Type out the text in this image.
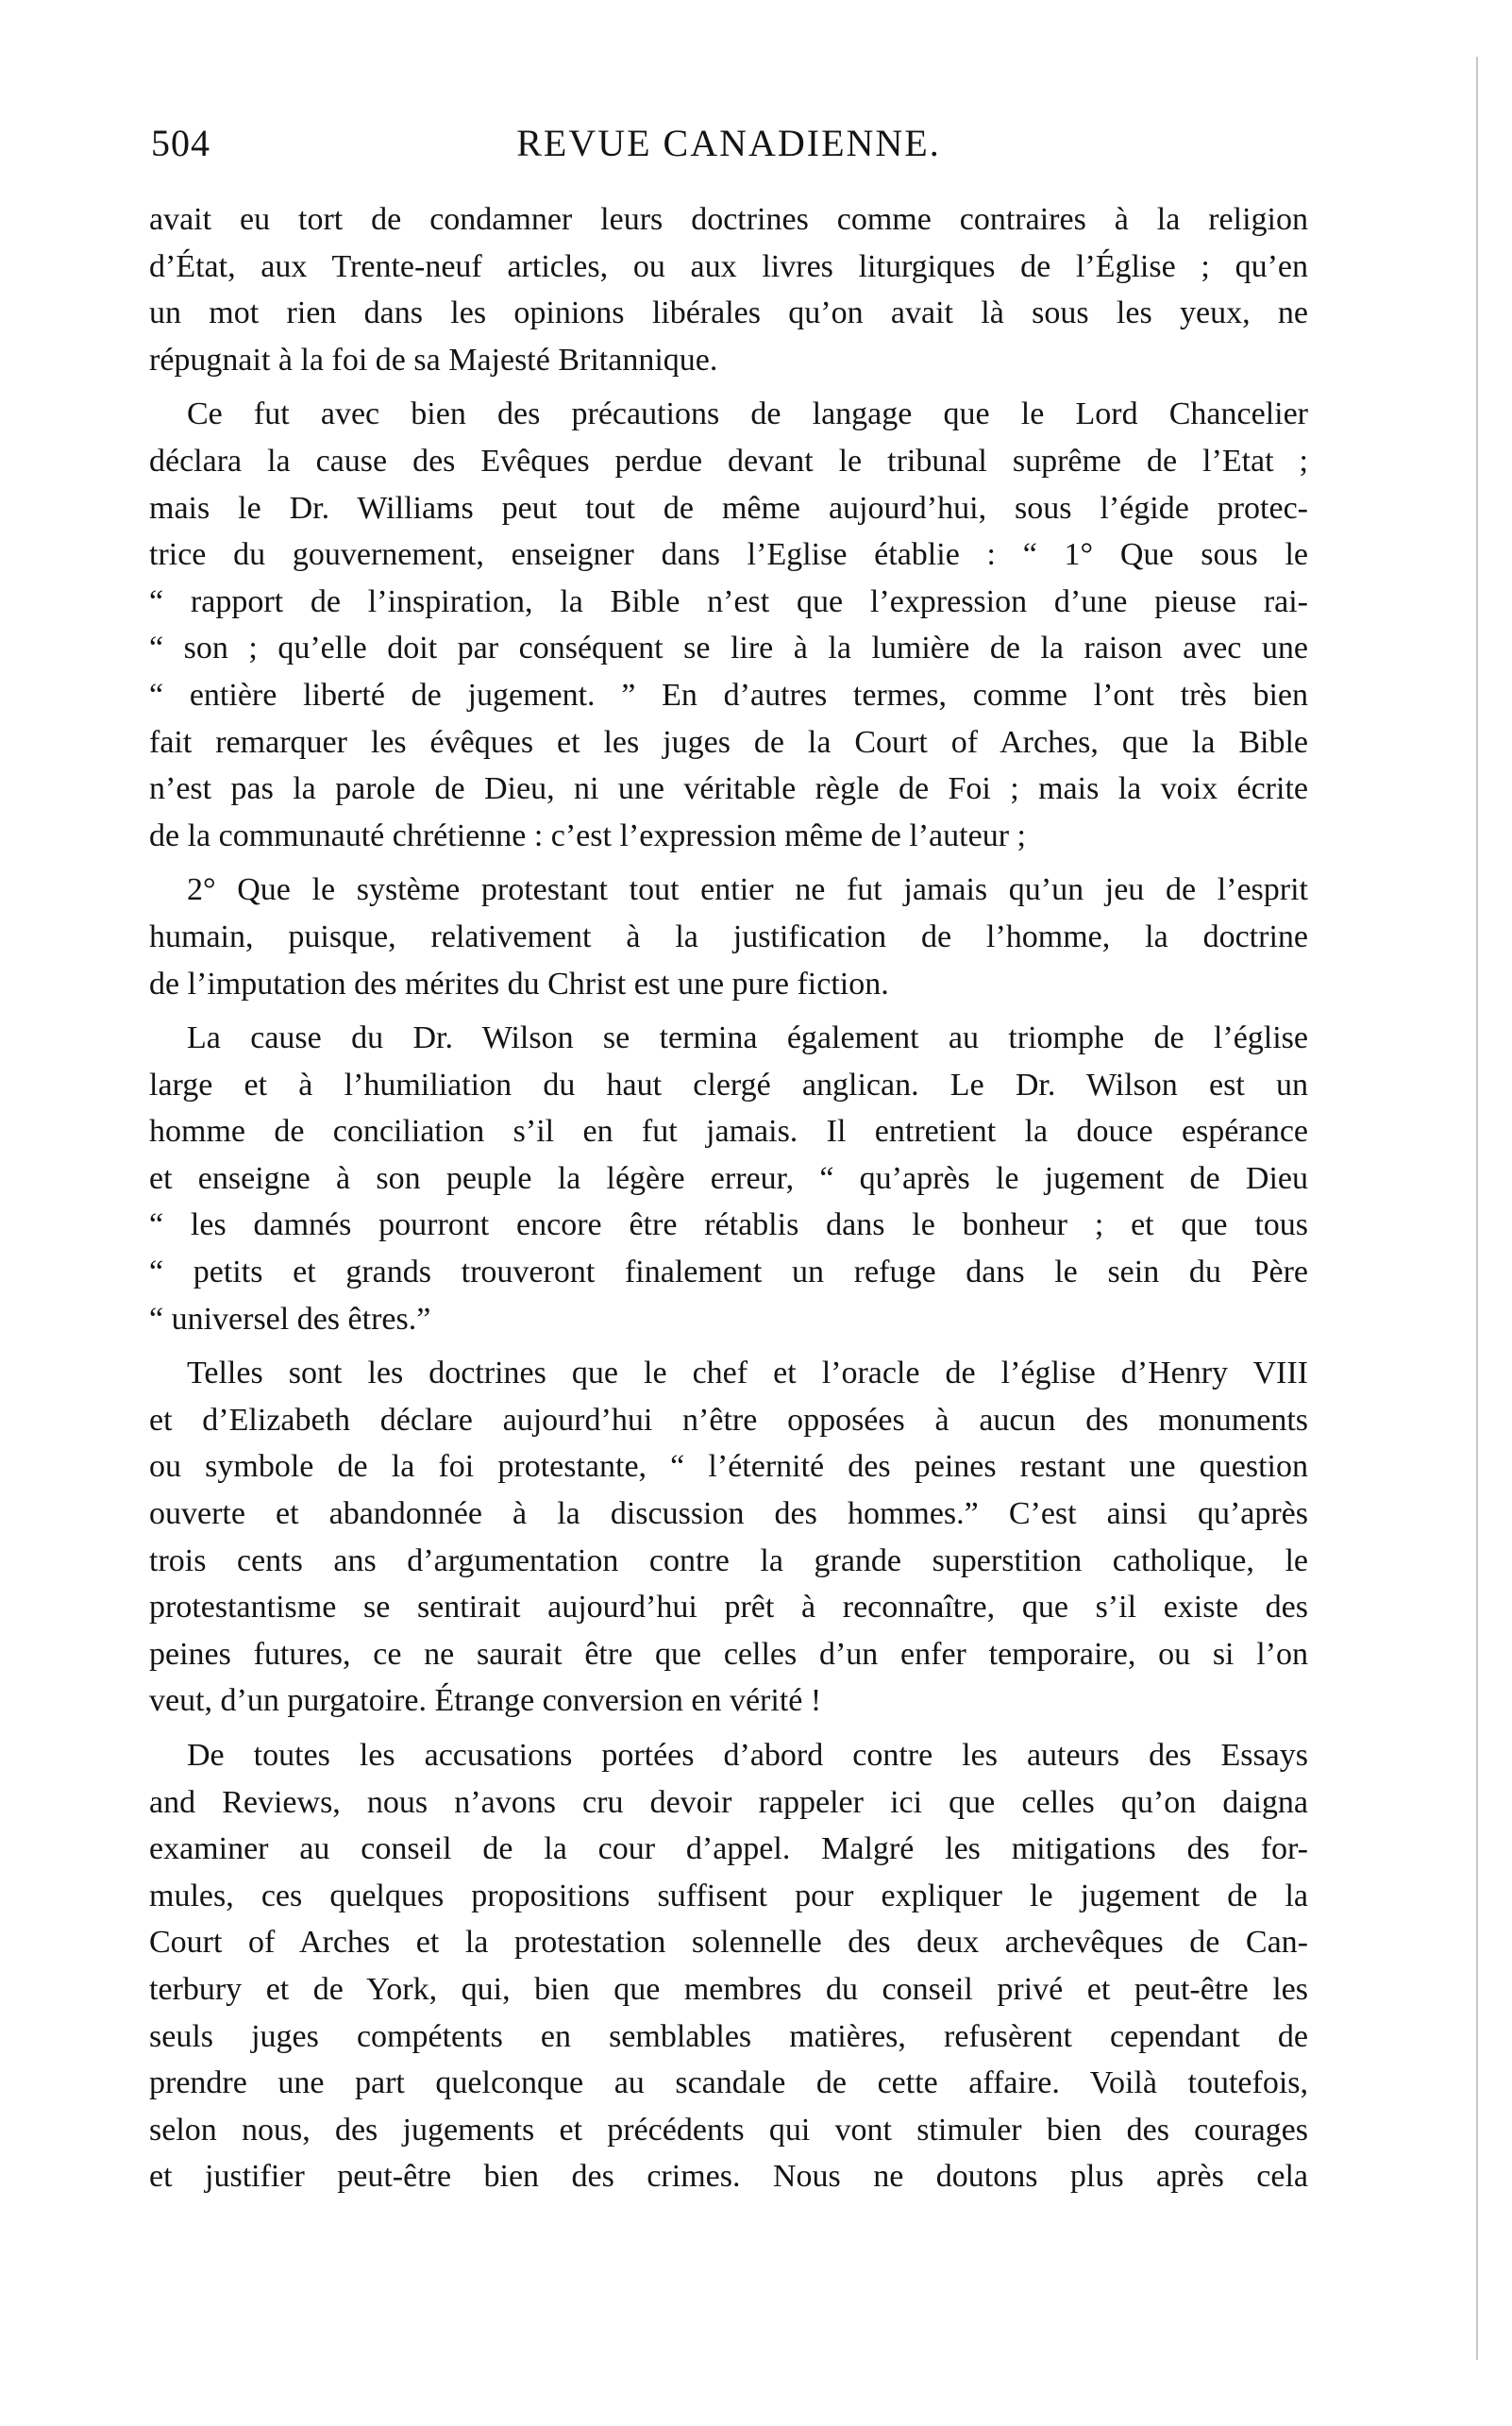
504	REVUE CANADIENNE.
avait eu tort de condamner leurs doctrines comme contraires à la religion
d’État, aux Trente-neuf articles, ou aux livres liturgiques de l’Église ; qu’en
un mot rien dans les opinions libérales qu’on avait là sous les yeux, ne
répugnait à la foi de sa Majesté Britannique.
Ce fut avec bien des précautions de langage que le Lord Chancelier
déclara la cause des Evêques perdue devant le tribunal suprême de l’Etat ;
mais le Dr. Williams peut tout de même aujourd’hui, sous l’égide protec-
trice du gouvernement, enseigner dans l’Eglise établie : “ 1° Que sous le
“ rapport de l’inspiration, la Bible n’est que l’expression d’une pieuse rai-
“ son ; qu’elle doit par conséquent se lire à la lumière de la raison avec une
“ entière liberté de jugement. ” En d’autres termes, comme l’ont très bien
fait remarquer les évêques et les juges de la Court of Arches, que la Bible
n’est pas la parole de Dieu, ni une véritable règle de Foi ; mais la voix écrite
de la communauté chrétienne : c’est l’expression même de l’auteur ;
2° Que le système protestant tout entier ne fut jamais qu’un jeu de l’esprit
humain, puisque, relativement à la justification de l’homme, la doctrine
de l’imputation des mérites du Christ est une pure fiction.
La cause du Dr. Wilson se termina également au triomphe de l’église
large et à l’humiliation du haut clergé anglican. Le Dr. Wilson est un
homme de conciliation s’il en fut jamais. Il entretient la douce espérance
et enseigne à son peuple la légère erreur, “ qu’après le jugement de Dieu
“ les damnés pourront encore être rétablis dans le bonheur ; et que tous
“ petits et grands trouveront finalement un refuge dans le sein du Père
“ universel des êtres.”
Telles sont les doctrines que le chef et l’oracle de l’église d’Henry VIII
et d’Elizabeth déclare aujourd’hui n’être opposées à aucun des monuments
ou symbole de la foi protestante, “ l’éternité des peines restant une question
ouverte et abandonnée à la discussion des hommes.” C’est ainsi qu’après
trois cents ans d’argumentation contre la grande superstition catholique, le
protestantisme se sentirait aujourd’hui prêt à reconnaître, que s’il existe des
peines futures, ce ne saurait être que celles d’un enfer temporaire, ou si l’on
veut, d’un purgatoire. Étrange conversion en vérité !
De toutes les accusations portées d’abord contre les auteurs des Essays
and Reviews, nous n’avons cru devoir rappeler ici que celles qu’on daigna
examiner au conseil de la cour d’appel. Malgré les mitigations des for-
mules, ces quelques propositions suffisent pour expliquer le jugement de la
Court of Arches et la protestation solennelle des deux archevêques de Can-
terbury et de York, qui, bien que membres du conseil privé et peut-être les
seuls juges compétents en semblables matières, refusèrent cependant de
prendre une part quelconque au scandale de cette affaire. Voilà toutefois,
selon nous, des jugements et précédents qui vont stimuler bien des courages
et justifier peut-être bien des crimes. Nous ne doutons plus après cela
